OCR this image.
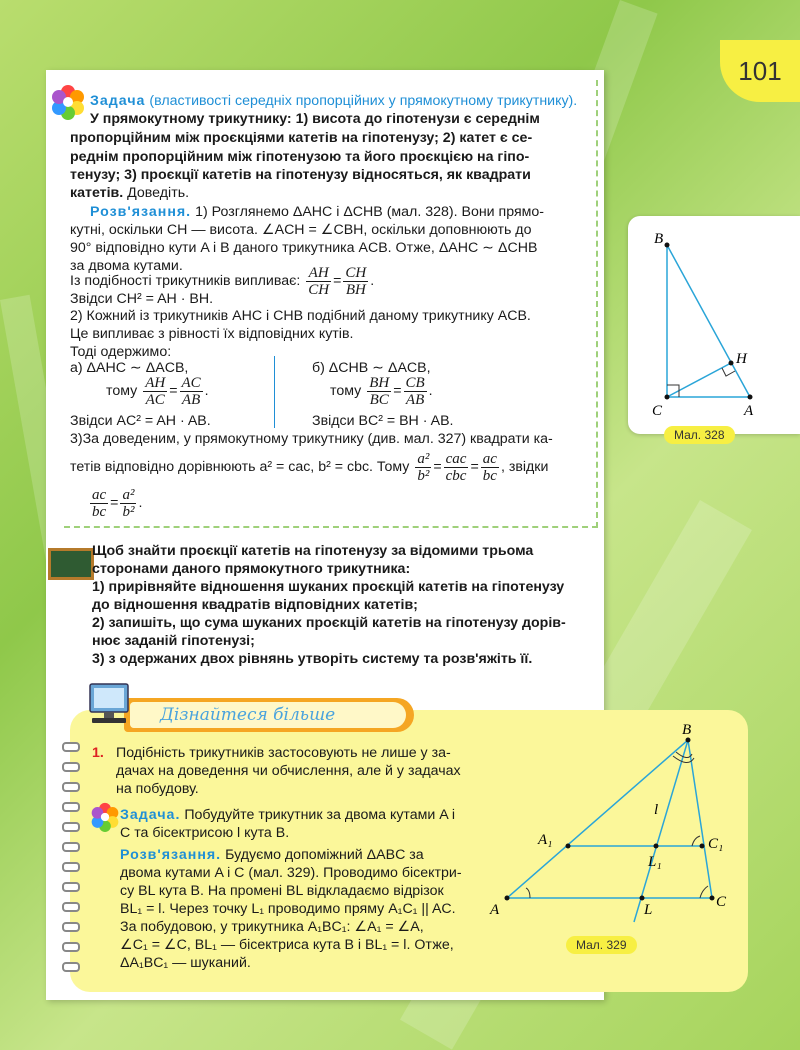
101
Задача (властивості середніх пропорційних у прямокутному трикутнику).
У прямокутному трикутнику: 1) висота до гіпотенузи є середнім
пропорційним між проєкціями катетів на гіпотенузу; 2) катет є се-
реднім пропорційним між гіпотенузою та його проєкцією на гіпо-
тенузу; 3) проєкції катетів на гіпотенузу відносяться, як квадрати
катетів. Доведіть.
Розв'язання. 1) Розглянемо ΔAHC і ΔCHB (мал. 328). Вони прямо-
кутні, оскільки CH — висота. ∠ACH = ∠CBH, оскільки доповнюють до
90° відповідно кути A і B даного трикутника ACB. Отже, ΔAHC ∼ ΔCHB
за двома кутами.
Із подібності трикутників випливає: $\frac{AH}{CH} = \frac{CH}{BH}$ .
Звідси CH² = AH · BH.
2) Кожний із трикутників AHC і CHB подібний даному трикутнику ACB.
Це випливає з рівності їх відповідних кутів.
Тоді одержимо:
а) ΔAHC ∼ ΔACB,
тому $\frac{AH}{AC} = \frac{AC}{AB}$ .
Звідси AC² = AH · AB.
б) ΔCHB ∼ ΔACB,
тому $\frac{BH}{BC} = \frac{CB}{AB}$ .
Звідси BC² = BH · AB.
3)За доведеним, у прямокутному трикутнику (див. мал. 327) квадрати ка-
тетів відповідно дорівнюють a² = cac, b² = cbc. Тому $\frac{\text{a²}}{\text{b²}} = \frac{\text{cac}}{\text{cbc}} = \frac{ac}{bc}$ , звідки
$\frac{ac}{bc} = \frac{\text{a²}}{\text{b²}}$ .
B
H
C	A
Мал. 328
Щоб знайти проєкції катетів на гіпотенузу за відомими трьома
сторонами даного прямокутного трикутника:
1) прирівняйте відношення шуканих проєкцій катетів на гіпотенузу
до відношення квадратів відповідних катетів;
2) запишіть, що сума шуканих проєкцій катетів на гіпотенузу дорів-
нює заданій гіпотенузі;
3) з одержаних двох рівнянь утворіть систему та розв'яжіть її.
Дізнайтеся більше
1. Подібність трикутників застосовують не лише у за-
дачах на доведення чи обчислення, але й у задачах
на побудову.
Задача. Побудуйте трикутник за двома кутами A і
C та бісектрисою l кута B.
Розв'язання. Будуємо допоміжний ΔABC за
двома кутами A і C (мал. 329). Проводимо бісектри-
су BL кута B. На промені BL відкладаємо відрізок
BL₁ = l. Через точку L₁ проводимо пряму A₁C₁ || AC.
За побудовою, у трикутника A₁BC₁: ∠A₁ = ∠A,
∠C₁ = ∠C, BL₁ — бісектриса кута B і BL₁ = l. Отже,
ΔA₁BC₁ — шуканий.
B
l
A₁	C₁
L₁
A	L	C
Мал. 329
